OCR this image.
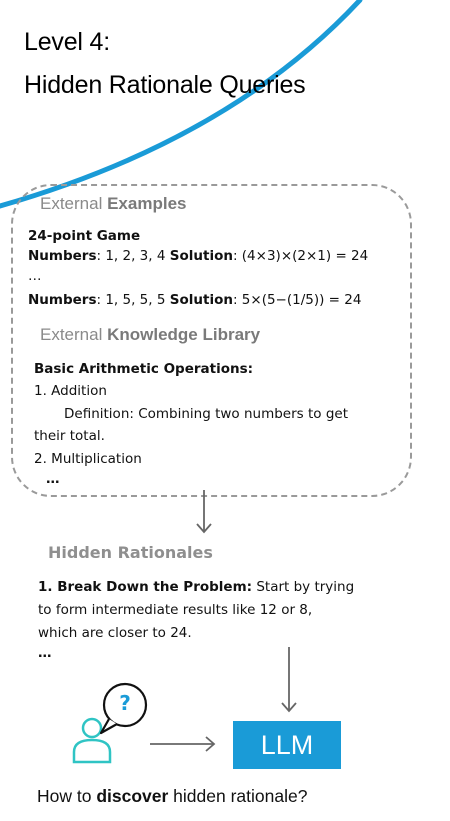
Level 4:
Hidden Rationale Queries
External Examples
24-point Game
Numbers: 1, 2, 3, 4 Solution: (4×3)×(2×1) = 24
…
Numbers: 1, 5, 5, 5 Solution: 5×(5−(1/5)) = 24
External Knowledge Library
Basic Arithmetic Operations:
1. Addition
Definition: Combining two numbers to get
their total.
2. Multiplication
…
?
Hidden Rationales
1. Break Down the Problem: Start by trying
to form intermediate results like 12 or 8,
which are closer to 24.
…
LLM
How to discover hidden rationale?
